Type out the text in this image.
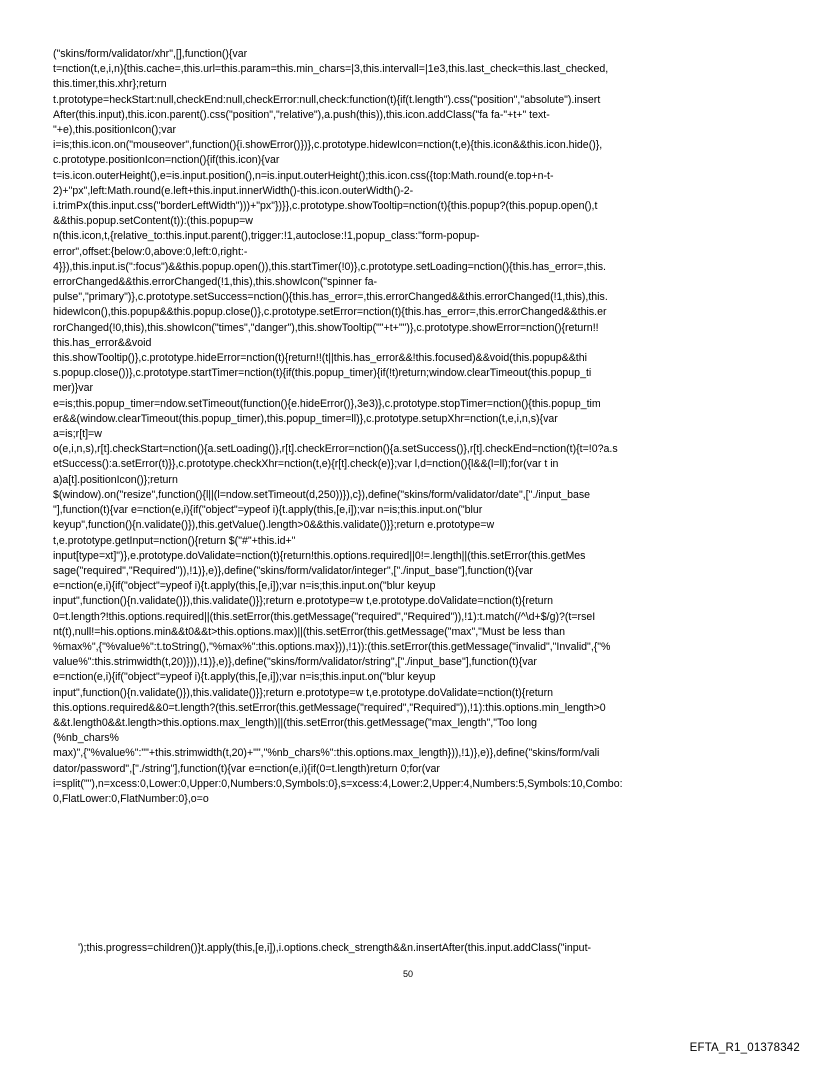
("skins/form/validator/xhr",[],function(){var
t=nction(t,e,i,n){this.cache=,this.url=this.param=this.min_chars=|3,this.intervall=|1e3,this.last_check=this.last_checked,
this.timer,this.xhr};return
t.prototype=heckStart:null,checkEnd:null,checkError:null,check:function(t){if(t.length").css("position","absolute").insert
After(this.input),this.icon.parent().css("position","relative"),a.push(this)),this.icon.addClass("fa fa-"+t+" text-
"+e),this.positionIcon();var
i=is;this.icon.on("mouseover",function(){i.showError()})},c.prototype.hidewIcon=nction(t,e){this.icon&&this.icon.hide()},
c.prototype.positionIcon=nction(){if(this.icon){var
t=is.icon.outerHeight(),e=is.input.position(),n=is.input.outerHeight();this.icon.css({top:Math.round(e.top+n-t-
2)+"px",left:Math.round(e.left+this.input.innerWidth()-this.icon.outerWidth()-2-
i.trimPx(this.input.css("borderLeftWidth")))+"px"})}},c.prototype.showTooltip=nction(t){this.popup?(this.popup.open(),t
&&this.popup.setContent(t)):(this.popup=w
n(this.icon,t,{relative_to:this.input.parent(),trigger:!1,autoclose:!1,popup_class:"form-popup-
error",offset:{below:0,above:0,left:0,right:-
4}}),this.input.is(":focus")&&this.popup.open()),this.startTimer(!0)},c.prototype.setLoading=nction(){this.has_error=,this.
errorChanged&&this.errorChanged(!1,this),this.showIcon("spinner fa-
pulse","primary")},c.prototype.setSuccess=nction(){this.has_error=,this.errorChanged&&this.errorChanged(!1,this),this.
hidewIcon(),this.popup&&this.popup.close()},c.prototype.setError=nction(t){this.has_error=,this.errorChanged&&this.er
rorChanged(!0,this),this.showIcon("times","danger"),this.showTooltip(""+t+"")},c.prototype.showError=nction(){return!!
this.has_error&&void
this.showTooltip()},c.prototype.hideError=nction(t){return!!(t||this.has_error&&!this.focused)&&void(this.popup&&thi
s.popup.close())},c.prototype.startTimer=nction(t){if(this.popup_timer){if(!t)return;window.clearTimeout(this.popup_ti
mer)}var
e=is;this.popup_timer=ndow.setTimeout(function(){e.hideError()},3e3)},c.prototype.stopTimer=nction(){this.popup_tim
er&&(window.clearTimeout(this.popup_timer),this.popup_timer=ll)},c.prototype.setupXhr=nction(t,e,i,n,s){var
a=is;r[t]=w
o(e,i,n,s),r[t].checkStart=nction(){a.setLoading()},r[t].checkError=nction(){a.setSuccess()},r[t].checkEnd=nction(t){t=!0?a.s
etSuccess():a.setError(t)}},c.prototype.checkXhr=nction(t,e){r[t].check(e)};var l,d=nction(){l&&(l=ll);for(var t in
a)a[t].positionIcon()};return
$(window).on("resize",function(){l||(l=ndow.setTimeout(d,250))}),c}),define("skins/form/validator/date",["./input_base
"],function(t){var e=nction(e,i){if("object"=ypeof i){t.apply(this,[e,i]);var n=is;this.input.on("blur
keyup",function(){n.validate()}),this.getValue().length>0&&this.validate()}};return e.prototype=w
t,e.prototype.getInput=nction(){return $("#"+this.id+"
input[type=xt]")},e.prototype.doValidate=nction(t){return!this.options.required||0!=.length||(this.setError(this.getMes
sage("required","Required")),!1)},e)},define("skins/form/validator/integer",["./input_base"],function(t){var
e=nction(e,i){if("object"=ypeof i){t.apply(this,[e,i]);var n=is;this.input.on("blur keyup
input",function(){n.validate()}),this.validate()}};return e.prototype=w t,e.prototype.doValidate=nction(t){return
0=t.length?!this.options.required||(this.setError(this.getMessage("required","Required")),!1):t.match(/^\d+$/g)?(t=rseI
nt(t),null!=his.options.min&&t0&&t>this.options.max)||(this.setError(this.getMessage("max","Must be less than
%max%",{"%value%":t.toString(),"%max%":this.options.max})),!1)):(this.setError(this.getMessage("invalid","Invalid",{"%
value%":this.strimwidth(t,20)})),!1)},e)},define("skins/form/validator/string",["./input_base"],function(t){var
e=nction(e,i){if("object"=ypeof i){t.apply(this,[e,i]);var n=is;this.input.on("blur keyup
input",function(){n.validate()}),this.validate()}};return e.prototype=w t,e.prototype.doValidate=nction(t){return
this.options.required&&0=t.length?(this.setError(this.getMessage("required","Required")),!1):this.options.min_length>0
&&t.length0&&t.length>this.options.max_length)||(this.setError(this.getMessage("max_length","Too long
(%nb_chars%
max)",{"%value%":""+this.strimwidth(t,20)+"","%nb_chars%":this.options.max_length})),!1)},e)},define("skins/form/vali
dator/password",["./string"],function(t){var e=nction(e,i){if(0=t.length)return 0;for(var
i=split(""),n=xcess:0,Lower:0,Upper:0,Numbers:0,Symbols:0},s=xcess:4,Lower:2,Upper:4,Numbers:5,Symbols:10,Combo:
0,FlatLower:0,FlatNumber:0},o=o
');this.progress=children()}t.apply(this,[e,i]),i.options.check_strength&&n.insertAfter(this.input.addClass("input-
50
EFTA_R1_01378342
